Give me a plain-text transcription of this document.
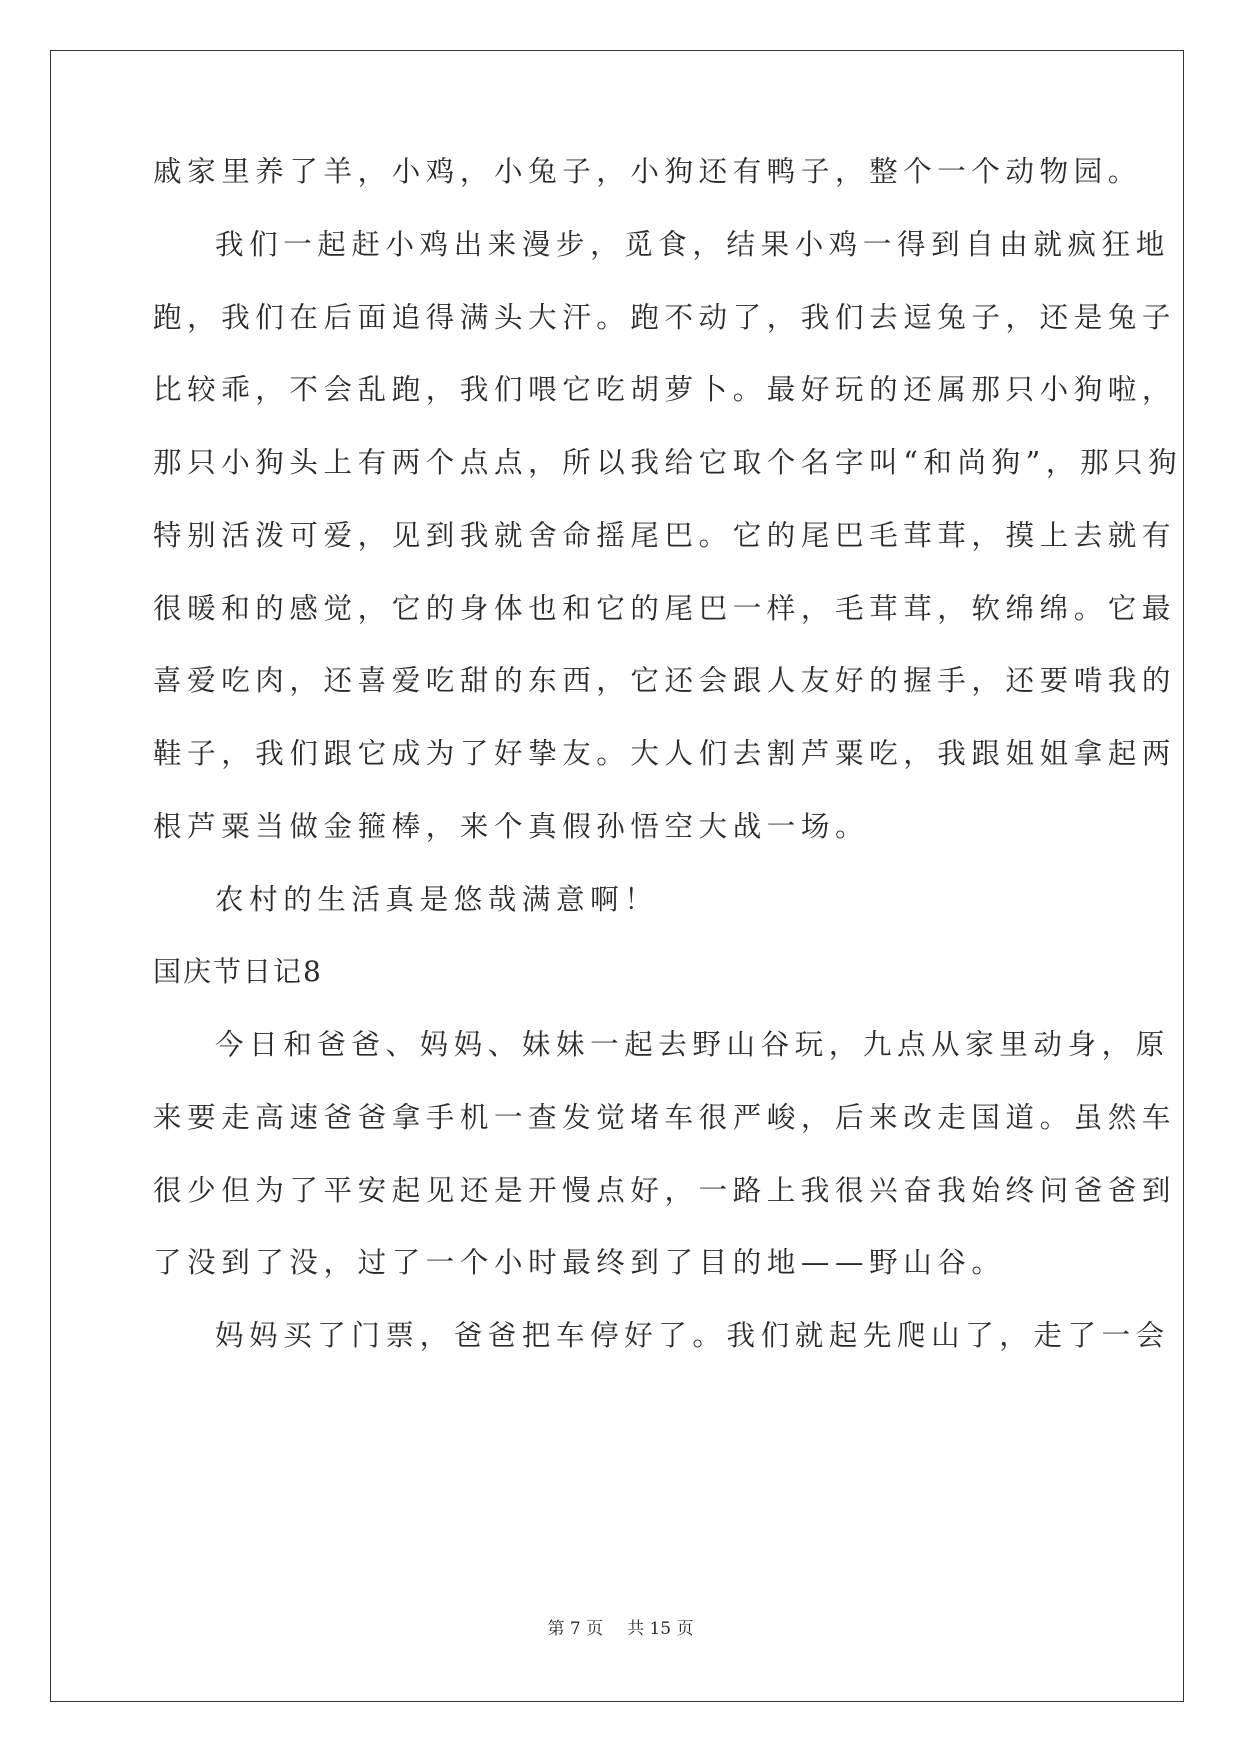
戚家里养了羊，小鸡，小兔子，小狗还有鸭子，整个一个动物园。
我们一起赶小鸡出来漫步，觅食，结果小鸡一得到自由就疯狂地
跑，我们在后面追得满头大汗。跑不动了，我们去逗兔子，还是兔子
比较乖，不会乱跑，我们喂它吃胡萝卜。最好玩的还属那只小狗啦，
那只小狗头上有两个点点，所以我给它取个名字叫“和尚狗”，那只狗
特别活泼可爱，见到我就舍命摇尾巴。它的尾巴毛茸茸，摸上去就有
很暖和的感觉，它的身体也和它的尾巴一样，毛茸茸，软绵绵。它最
喜爱吃肉，还喜爱吃甜的东西，它还会跟人友好的握手，还要啃我的
鞋子，我们跟它成为了好挚友。大人们去割芦粟吃，我跟姐姐拿起两
根芦粟当做金箍棒，来个真假孙悟空大战一场。
农村的生活真是悠哉满意啊！
国庆节日记8
今日和爸爸、妈妈、妹妹一起去野山谷玩，九点从家里动身，原
来要走高速爸爸拿手机一查发觉堵车很严峻，后来改走国道。虽然车
很少但为了平安起见还是开慢点好，一路上我很兴奋我始终问爸爸到
了没到了没，过了一个小时最终到了目的地——野山谷。
妈妈买了门票，爸爸把车停好了。我们就起先爬山了，走了一会
第 7 页 共 15 页
